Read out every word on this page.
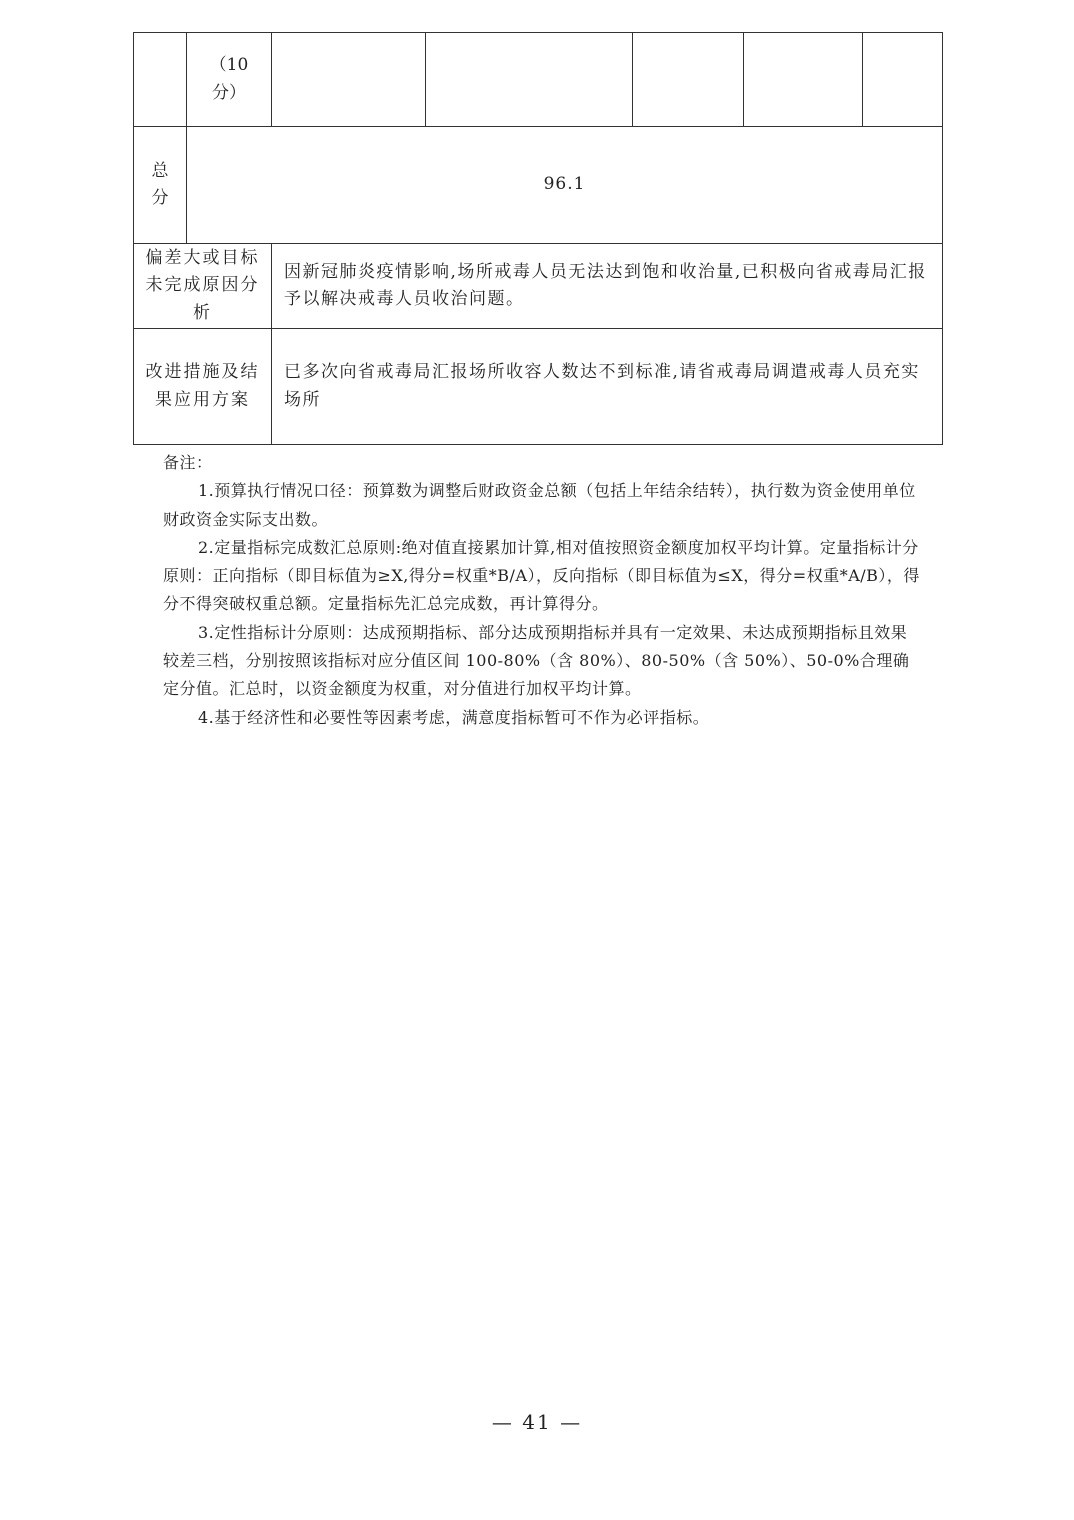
	（10
分）					

总
分	96.1					

偏差大或目标
未完成原因分
析		因新冠肺炎疫情影响,场所戒毒人员无法达到饱和收治量,已积极向省戒毒局汇报予以解决戒毒人员收治问题。				

改进措施及结
果应用方案		已多次向省戒毒局汇报场所收容人数达不到标准,请省戒毒局调遣戒毒人员充实场所				

备注：

1.预算执行情况口径：预算数为调整后财政资金总额（包括上年结余结转），执行数为资金使用单位财政资金实际支出数。

2.定量指标完成数汇总原则:绝对值直接累加计算,相对值按照资金额度加权平均计算。定量指标计分原则：正向指标（即目标值为≥X,得分=权重*B/A），反向指标（即目标值为≤X，得分=权重*A/B），得分不得突破权重总额。定量指标先汇总完成数，再计算得分。

3.定性指标计分原则：达成预期指标、部分达成预期指标并具有一定效果、未达成预期指标且效果较差三档，分别按照该指标对应分值区间 100-80%（含 80%）、80-50%（含 50%）、50-0%合理确定分值。汇总时，以资金额度为权重，对分值进行加权平均计算。

4.基于经济性和必要性等因素考虑，满意度指标暂可不作为必评指标。

— 41 —
